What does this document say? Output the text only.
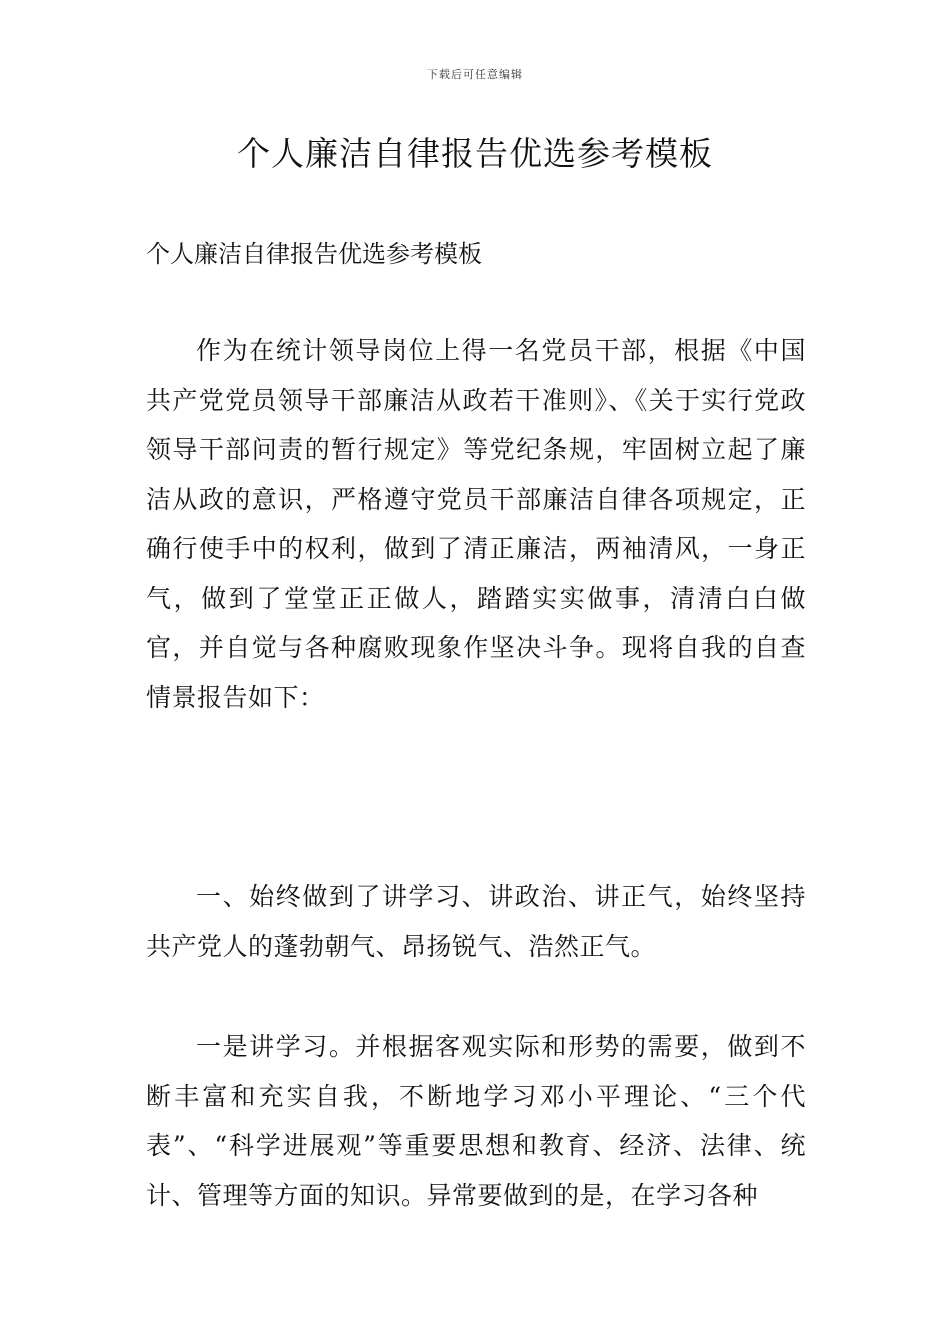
下载后可任意编辑
个人廉洁自律报告优选参考模板

个人廉洁自律报告优选参考模板

作为在统计领导岗位上得一名党员干部，根据《中国共产党党员领导干部廉洁从政若干准则》、《关于实行党政领导干部问责的暂行规定》等党纪条规，牢固树立起了廉洁从政的意识，严格遵守党员干部廉洁自律各项规定，正确行使手中的权利，做到了清正廉洁，两袖清风，一身正气，做到了堂堂正正做人，踏踏实实做事，清清白白做官，并自觉与各种腐败现象作坚决斗争。现将自我的自查情景报告如下：

一、始终做到了讲学习、讲政治、讲正气，始终坚持共产党人的蓬勃朝气、昂扬锐气、浩然正气。

一是讲学习。并根据客观实际和形势的需要，做到不断丰富和充实自我，不断地学习邓小平理论、“三个代表”、“科学进展观”等重要思想和教育、经济、法律、统计、管理等方面的知识。异常要做到的是，在学习各种
